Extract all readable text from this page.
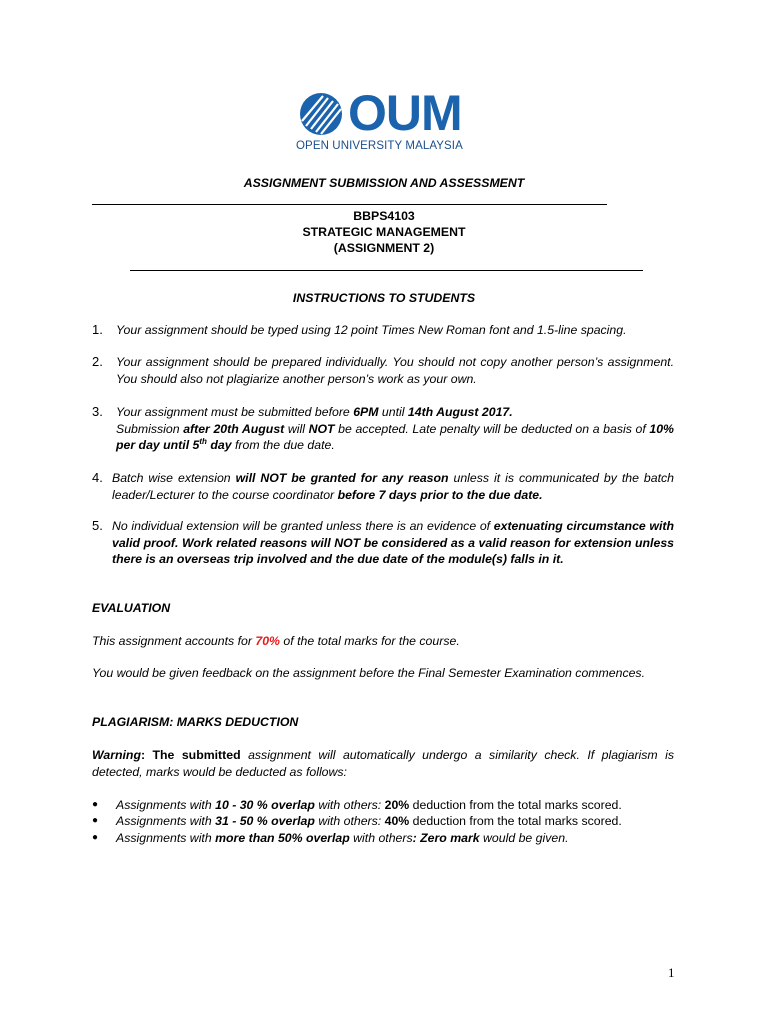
OUM
OPEN UNIVERSITY MALAYSIA
ASSIGNMENT SUBMISSION AND ASSESSMENT
BBPS4103
STRATEGIC MANAGEMENT
(ASSIGNMENT 2)
INSTRUCTIONS TO STUDENTS
1. Your assignment should be typed using 12 point Times New Roman font and 1.5-line spacing.
2. Your assignment should be prepared individually. You should not copy another person’s assignment. You should also not plagiarize another person’s work as your own.
3. Your assignment must be submitted before 6PM until 14th August 2017.
Submission after 20th August will NOT be accepted. Late penalty will be deducted on a basis of 10% per day until 5th day from the due date.
4. Batch wise extension will NOT be granted for any reason unless it is communicated by the batch leader/Lecturer to the course coordinator before 7 days prior to the due date.
5. No individual extension will be granted unless there is an evidence of extenuating circumstance with valid proof. Work related reasons will NOT be considered as a valid reason for extension unless there is an overseas trip involved and the due date of the module(s) falls in it.
EVALUATION
This assignment accounts for 70% of the total marks for the course.
You would be given feedback on the assignment before the Final Semester Examination commences.
PLAGIARISM: MARKS DEDUCTION
Warning: The submitted assignment will automatically undergo a similarity check. If plagiarism is detected, marks would be deducted as follows:
● Assignments with 10 - 30 % overlap with others: 20% deduction from the total marks scored.
● Assignments with 31 - 50 % overlap with others: 40% deduction from the total marks scored.
● Assignments with more than 50% overlap with others: Zero mark would be given.
1
